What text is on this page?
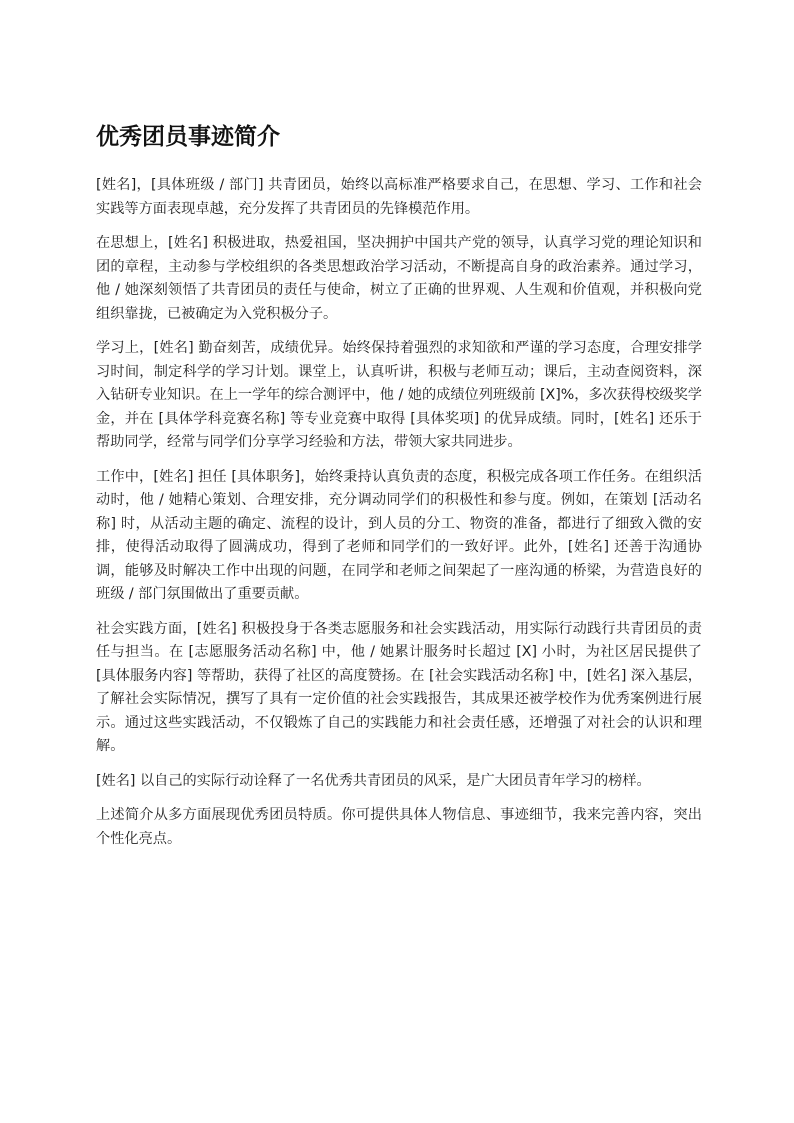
优秀团员事迹简介

[姓名]，[具体班级 / 部门] 共青团员，始终以高标准严格要求自己，在思想、学习、工作和社会实践等方面表现卓越，充分发挥了共青团员的先锋模范作用。

在思想上，[姓名] 积极进取，热爱祖国，坚决拥护中国共产党的领导，认真学习党的理论知识和团的章程，主动参与学校组织的各类思想政治学习活动，不断提高自身的政治素养。通过学习，他 / 她深刻领悟了共青团员的责任与使命，树立了正确的世界观、人生观和价值观，并积极向党组织靠拢，已被确定为入党积极分子。

学习上，[姓名] 勤奋刻苦，成绩优异。始终保持着强烈的求知欲和严谨的学习态度，合理安排学习时间，制定科学的学习计划。课堂上，认真听讲，积极与老师互动；课后，主动查阅资料，深入钻研专业知识。在上一学年的综合测评中，他 / 她的成绩位列班级前 [X]%，多次获得校级奖学金，并在 [具体学科竞赛名称] 等专业竞赛中取得 [具体奖项] 的优异成绩。同时，[姓名] 还乐于帮助同学，经常与同学们分享学习经验和方法，带领大家共同进步。

工作中，[姓名] 担任 [具体职务]，始终秉持认真负责的态度，积极完成各项工作任务。在组织活动时，他 / 她精心策划、合理安排，充分调动同学们的积极性和参与度。例如，在策划 [活动名称] 时，从活动主题的确定、流程的设计，到人员的分工、物资的准备，都进行了细致入微的安排，使得活动取得了圆满成功，得到了老师和同学们的一致好评。此外，[姓名] 还善于沟通协调，能够及时解决工作中出现的问题，在同学和老师之间架起了一座沟通的桥梁，为营造良好的班级 / 部门氛围做出了重要贡献。

社会实践方面，[姓名] 积极投身于各类志愿服务和社会实践活动，用实际行动践行共青团员的责任与担当。在 [志愿服务活动名称] 中，他 / 她累计服务时长超过 [X] 小时，为社区居民提供了 [具体服务内容] 等帮助，获得了社区的高度赞扬。在 [社会实践活动名称] 中，[姓名] 深入基层，了解社会实际情况，撰写了具有一定价值的社会实践报告，其成果还被学校作为优秀案例进行展示。通过这些实践活动，不仅锻炼了自己的实践能力和社会责任感，还增强了对社会的认识和理解。

[姓名] 以自己的实际行动诠释了一名优秀共青团员的风采，是广大团员青年学习的榜样。

上述简介从多方面展现优秀团员特质。你可提供具体人物信息、事迹细节，我来完善内容，突出个性化亮点。
